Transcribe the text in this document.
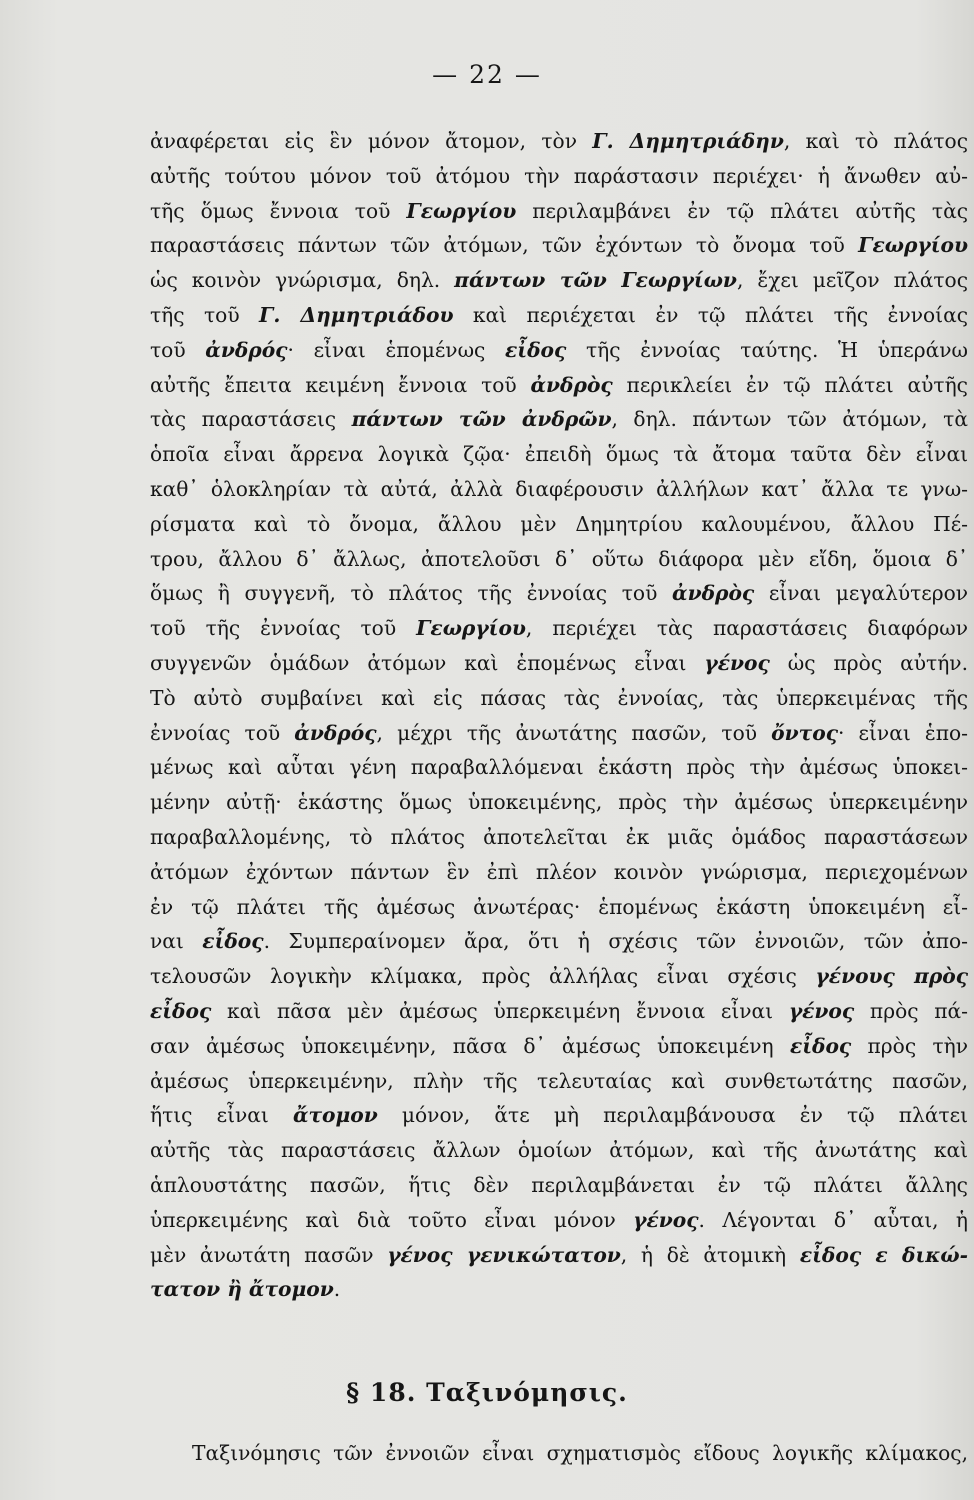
— 22 —
ἀναφέρεται εἰς ἓν μόνον ἄτομον, τὸν Γ. Δημητριάδην, καὶ τὸ πλάτος
αὐτῆς τούτου μόνον τοῦ ἀτόμου τὴν παράστασιν περιέχει· ἡ ἄνωθεν αὐ-
τῆς ὅμως ἔννοια τοῦ Γεωργίου περιλαμβάνει ἐν τῷ πλάτει αὐτῆς τὰς
παραστάσεις πάντων τῶν ἀτόμων, τῶν ἐχόντων τὸ ὄνομα τοῦ Γεωργίου
ὡς κοινὸν γνώρισμα, δηλ. πάντων τῶν Γεωργίων, ἔχει μεῖζον πλάτος
τῆς τοῦ Γ. Δημητριάδου καὶ περιέχεται ἐν τῷ πλάτει τῆς ἐννοίας
τοῦ ἀνδρός· εἶναι ἑπομένως εἶδος τῆς ἐννοίας ταύτης. Ἡ ὑπεράνω
αὐτῆς ἔπειτα κειμένη ἔννοια τοῦ ἀνδρὸς περικλείει ἐν τῷ πλάτει αὐτῆς
τὰς παραστάσεις πάντων τῶν ἀνδρῶν, δηλ. πάντων τῶν ἀτόμων, τὰ
ὁποῖα εἶναι ἄρρενα λογικὰ ζῷα· ἐπειδὴ ὅμως τὰ ἄτομα ταῦτα δὲν εἶναι
καθ᾿ ὁλοκληρίαν τὰ αὐτά, ἀλλὰ διαφέρουσιν ἀλλήλων κατ᾿ ἄλλα τε γνω-
ρίσματα καὶ τὸ ὄνομα, ἄλλου μὲν Δημητρίου καλουμένου, ἄλλου Πέ-
τρου, ἄλλου δ᾿ ἄλλως, ἀποτελοῦσι δ᾿ οὕτω διάφορα μὲν εἴδη, ὅμοια δ᾿
ὅμως ἢ συγγενῆ, τὸ πλάτος τῆς ἐννοίας τοῦ ἀνδρὸς εἶναι μεγαλύτερον
τοῦ τῆς ἐννοίας τοῦ Γεωργίου, περιέχει τὰς παραστάσεις διαφόρων
συγγενῶν ὁμάδων ἀτόμων καὶ ἑπομένως εἶναι γένος ὡς πρὸς αὐτήν.
Τὸ αὐτὸ συμβαίνει καὶ εἰς πάσας τὰς ἐννοίας, τὰς ὑπερκειμένας τῆς
ἐννοίας τοῦ ἀνδρός, μέχρι τῆς ἀνωτάτης πασῶν, τοῦ ὄντος· εἶναι ἑπο-
μένως καὶ αὗται γένη παραβαλλόμεναι ἑκάστη πρὸς τὴν ἀμέσως ὑποκει-
μένην αὐτῇ· ἑκάστης ὅμως ὑποκειμένης, πρὸς τὴν ἀμέσως ὑπερκειμένην
παραβαλλομένης, τὸ πλάτος ἀποτελεῖται ἐκ μιᾶς ὁμάδος παραστάσεων
ἀτόμων ἐχόντων πάντων ἓν ἐπὶ πλέον κοινὸν γνώρισμα, περιεχομένων
ἐν τῷ πλάτει τῆς ἀμέσως ἀνωτέρας· ἑπομένως ἑκάστη ὑποκειμένη εἶ-
ναι εἶδος. Συμπεραίνομεν ἄρα, ὅτι ἡ σχέσις τῶν ἐννοιῶν, τῶν ἀπο-
τελουσῶν λογικὴν κλίμακα, πρὸς ἀλλήλας εἶναι σχέσις γένους πρὸς
εἶδος καὶ πᾶσα μὲν ἀμέσως ὑπερκειμένη ἔννοια εἶναι γένος πρὸς πά-
σαν ἀμέσως ὑποκειμένην, πᾶσα δ᾿ ἀμέσως ὑποκειμένη εἶδος πρὸς τὴν
ἀμέσως ὑπερκειμένην, πλὴν τῆς τελευταίας καὶ συνθετωτάτης πασῶν,
ἥτις εἶναι ἄτομον μόνον, ἅτε μὴ περιλαμβάνουσα ἐν τῷ πλάτει
αὐτῆς τὰς παραστάσεις ἄλλων ὁμοίων ἀτόμων, καὶ τῆς ἀνωτάτης καὶ
ἁπλουστάτης πασῶν, ἥτις δὲν περιλαμβάνεται ἐν τῷ πλάτει ἄλλης
ὑπερκειμένης καὶ διὰ τοῦτο εἶναι μόνον γένος. Λέγονται δ᾿ αὗται, ἡ
μὲν ἀνωτάτη πασῶν γένος γενικώτατον, ἡ δὲ ἀτομικὴ εἶδος ε δικώ-
τατον ἢ ἄτομον.
§ 18. Ταξινόμησις.
Ταξινόμησις τῶν ἐννοιῶν εἶναι σχηματισμὸς εἴδους λογικῆς κλίμακος,
